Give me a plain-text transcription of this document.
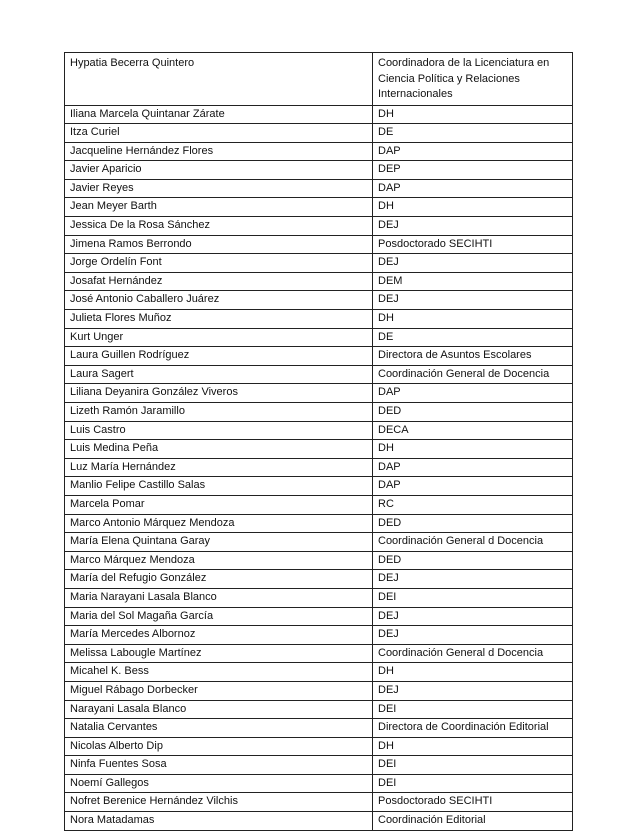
Hypatia Becerra Quintero	Coordinadora de la Licenciatura en Ciencia Política y Relaciones Internacionales
Iliana Marcela Quintanar Zárate	DH
Itza Curiel	DE
Jacqueline Hernández Flores	DAP
Javier Aparicio	DEP
Javier Reyes	DAP
Jean Meyer Barth	DH
Jessica De la Rosa Sánchez	DEJ
Jimena Ramos Berrondo	Posdoctorado SECIHTI
Jorge Ordelín Font	DEJ
Josafat Hernández	DEM
José Antonio Caballero Juárez	DEJ
Julieta Flores Muñoz	DH
Kurt Unger	DE
Laura Guillen Rodríguez	Directora de Asuntos Escolares
Laura Sagert	Coordinación General de Docencia
Liliana Deyanira González Viveros	DAP
Lizeth Ramón Jaramillo	DED
Luis Castro	DECA
Luis Medina Peña	DH
Luz María Hernández	DAP
Manlio Felipe Castillo Salas	DAP
Marcela Pomar	RC
Marco Antonio Márquez Mendoza	DED
María Elena Quintana Garay	Coordinación General d Docencia
Marco Márquez Mendoza	DED
María del Refugio González	DEJ
Maria Narayani Lasala Blanco	DEI
Maria del Sol Magaña García	DEJ
María Mercedes Albornoz	DEJ
Melissa Labougle Martínez	Coordinación General d Docencia
Micahel K. Bess	DH
Miguel Rábago Dorbecker	DEJ
Narayani Lasala Blanco	DEI
Natalia Cervantes	Directora de Coordinación Editorial
Nicolas Alberto Dip	DH
Ninfa Fuentes Sosa	DEI
Noemí Gallegos	DEI
Nofret Berenice Hernández Vilchis	Posdoctorado SECIHTI
Nora Matadamas	Coordinación Editorial
